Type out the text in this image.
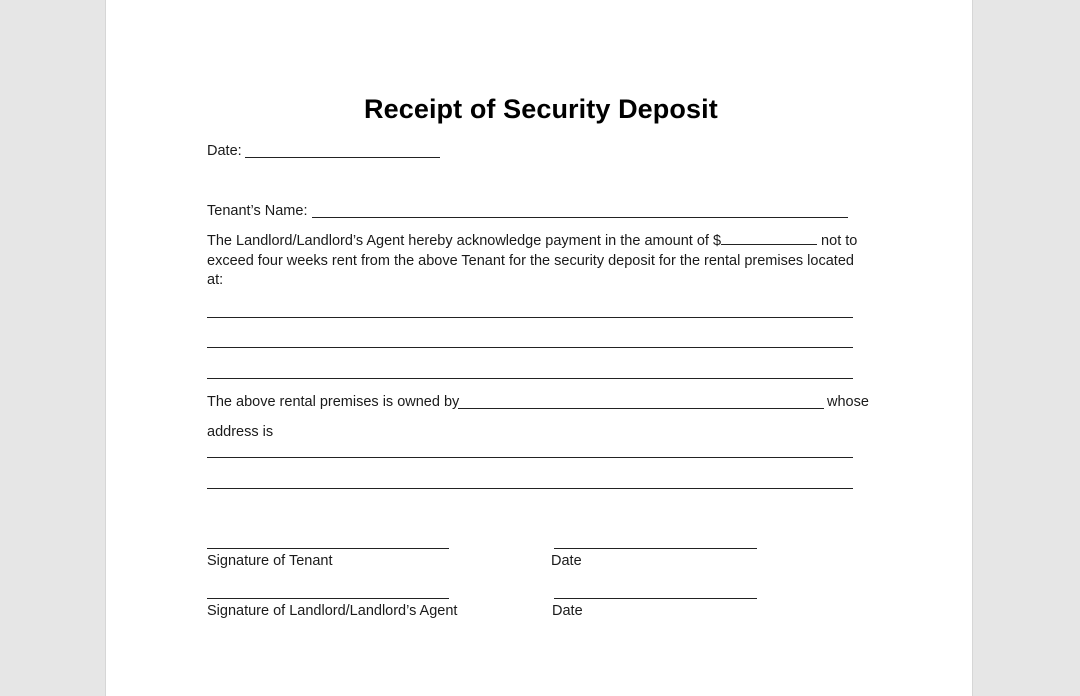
Receipt of Security Deposit
Date:
Tenant’s Name:
The Landlord/Landlord’s Agent hereby acknowledge payment in the amount of $	not to exceed four weeks rent from the above Tenant for the security deposit for the rental premises located at:
The above rental premises is owned by	whose
address is
Signature of Tenant	Date
Signature of Landlord/Landlord’s Agent	Date
